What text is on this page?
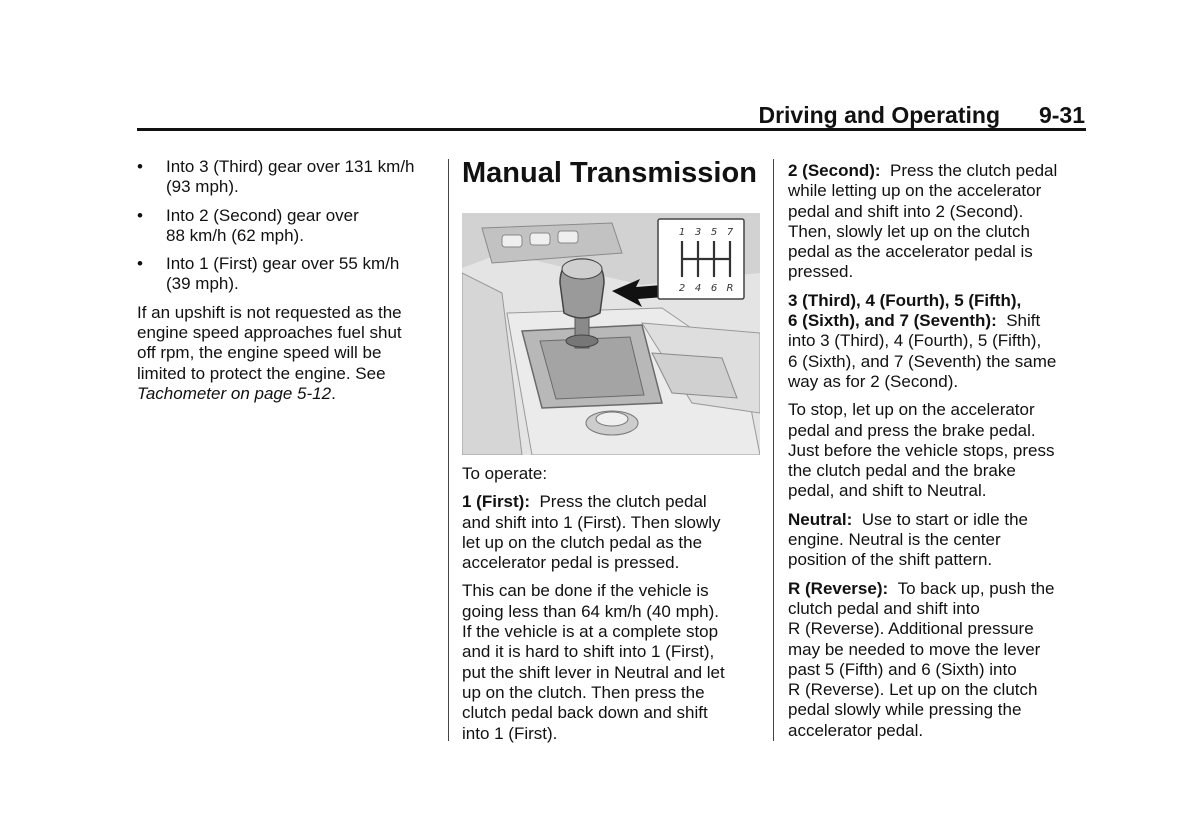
Driving and Operating 9-31
• Into 3 (Third) gear over 131 km/h
(93 mph).
• Into 2 (Second) gear over
88 km/h (62 mph).
• Into 1 (First) gear over 55 km/h
(39 mph).

If an upshift is not requested as the
engine speed approaches fuel shut
off rpm, the engine speed will be
limited to protect the engine. See
Tachometer on page 5-12.

Manual Transmission
1 3 5 7
2 4 6 R

To operate:

1 (First): Press the clutch pedal
and shift into 1 (First). Then slowly
let up on the clutch pedal as the
accelerator pedal is pressed.

This can be done if the vehicle is
going less than 64 km/h (40 mph).
If the vehicle is at a complete stop
and it is hard to shift into 1 (First),
put the shift lever in Neutral and let
up on the clutch. Then press the
clutch pedal back down and shift
into 1 (First).

2 (Second): Press the clutch pedal
while letting up on the accelerator
pedal and shift into 2 (Second).
Then, slowly let up on the clutch
pedal as the accelerator pedal is
pressed.

3 (Third), 4 (Fourth), 5 (Fifth),
6 (Sixth), and 7 (Seventh): Shift
into 3 (Third), 4 (Fourth), 5 (Fifth),
6 (Sixth), and 7 (Seventh) the same
way as for 2 (Second).

To stop, let up on the accelerator
pedal and press the brake pedal.
Just before the vehicle stops, press
the clutch pedal and the brake
pedal, and shift to Neutral.

Neutral: Use to start or idle the
engine. Neutral is the center
position of the shift pattern.

R (Reverse): To back up, push the
clutch pedal and shift into
R (Reverse). Additional pressure
may be needed to move the lever
past 5 (Fifth) and 6 (Sixth) into
R (Reverse). Let up on the clutch
pedal slowly while pressing the
accelerator pedal.
